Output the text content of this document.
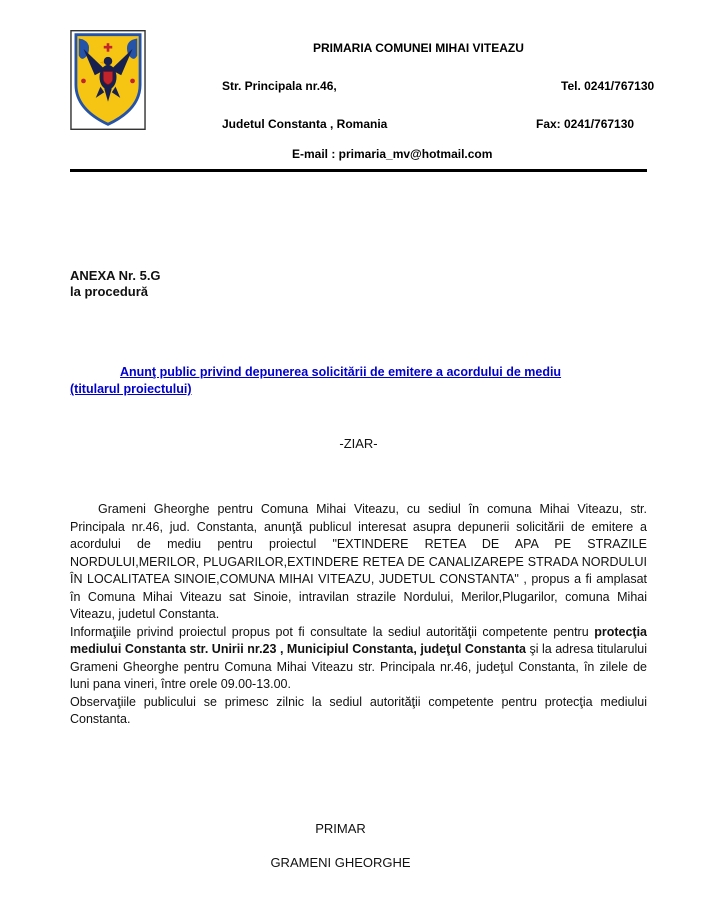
PRIMARIA COMUNEI MIHAI VITEAZU
Str. Principala nr.46,	Tel. 0241/767130
Judetul Constanta , Romania	Fax: 0241/767130
E-mail : primaria_mv@hotmail.com
ANEXA Nr. 5.G
la procedură

Anunţ public privind depunerea solicitării de emitere a acordului de mediu
(titularul proiectului)

-ZIAR-

Grameni Gheorghe pentru Comuna Mihai Viteazu, cu sediul în comuna Mihai Viteazu, str. Principala nr.46, jud. Constanta, anunţă publicul interesat asupra depunerii solicitării de emitere a acordului de mediu pentru proiectul "EXTINDERE RETEA DE APA PE STRAZILE NORDULUI,MERILOR, PLUGARILOR,EXTINDERE RETEA DE CANALIZAREPE STRADA NORDULUI ÎN LOCALITATEA SINOIE,COMUNA MIHAI VITEAZU, JUDETUL CONSTANTA" , propus a fi amplasat în Comuna Mihai Viteazu sat Sinoie, intravilan strazile Nordului, Merilor,Plugarilor, comuna Mihai Viteazu, judetul Constanta.

Informaţiile privind proiectul propus pot fi consultate la sediul autorităţii competente pentru protecţia mediului Constanta str. Unirii nr.23 , Municipiul Constanta, judeţul Constanta şi la adresa titularului Grameni Gheorghe pentru Comuna Mihai Viteazu str. Principala nr.46, judeţul Constanta, în zilele de luni pana vineri, între orele 09.00-13.00.

Observaţiile publicului se primesc zilnic la sediul autorităţii competente pentru protecţia mediului Constanta.

PRIMAR
GRAMENI GHEORGHE
